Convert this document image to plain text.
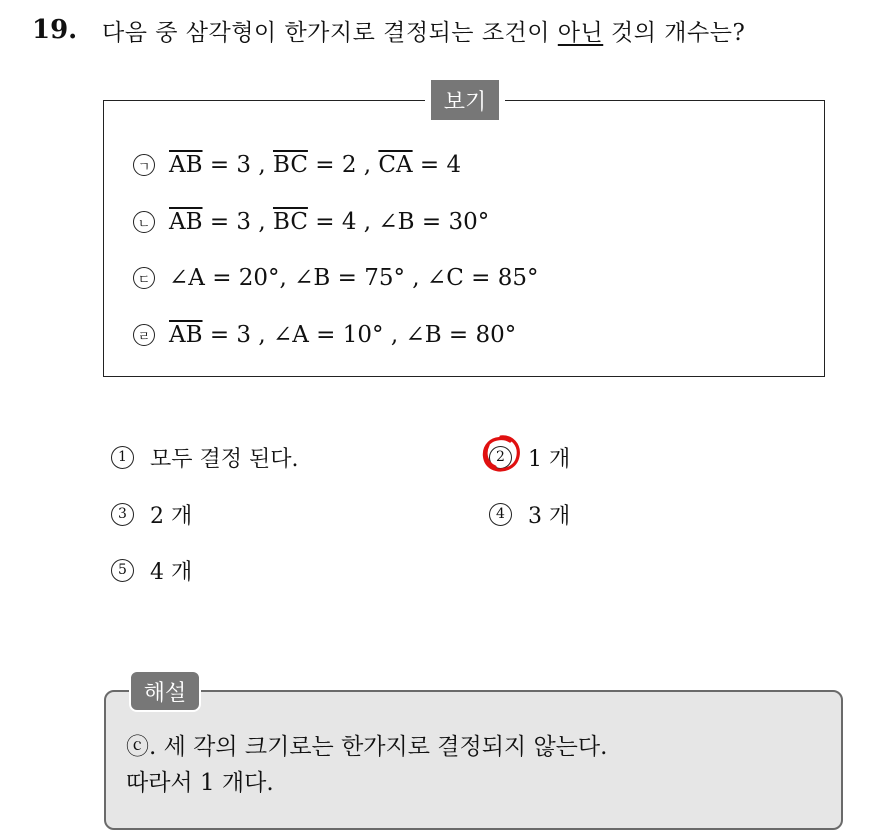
19.	다음 중 삼각형이 한가지로 결정되는 조건이 아닌 것의 개수는?
보기
ㄱ $\overline{AB} = 3$ , $\overline{BC} = 2$ , $\overline{CA} = 4$
ㄴ $\overline{AB} = 3$ , $\overline{BC} = 4$ , ∠B = 30°
ㄷ ∠A = 20°, ∠B = 75° , ∠C = 85°
ㄹ $\overline{AB} = 3$ , ∠A = 10° , ∠B = 80°
1	모두 결정 된다.	2	1 개
3	2 개	4	3 개
5	4 개
해설
ⓒ. 세 각의 크기로는 한가지로 결정되지 않는다.
따라서 1 개다.
